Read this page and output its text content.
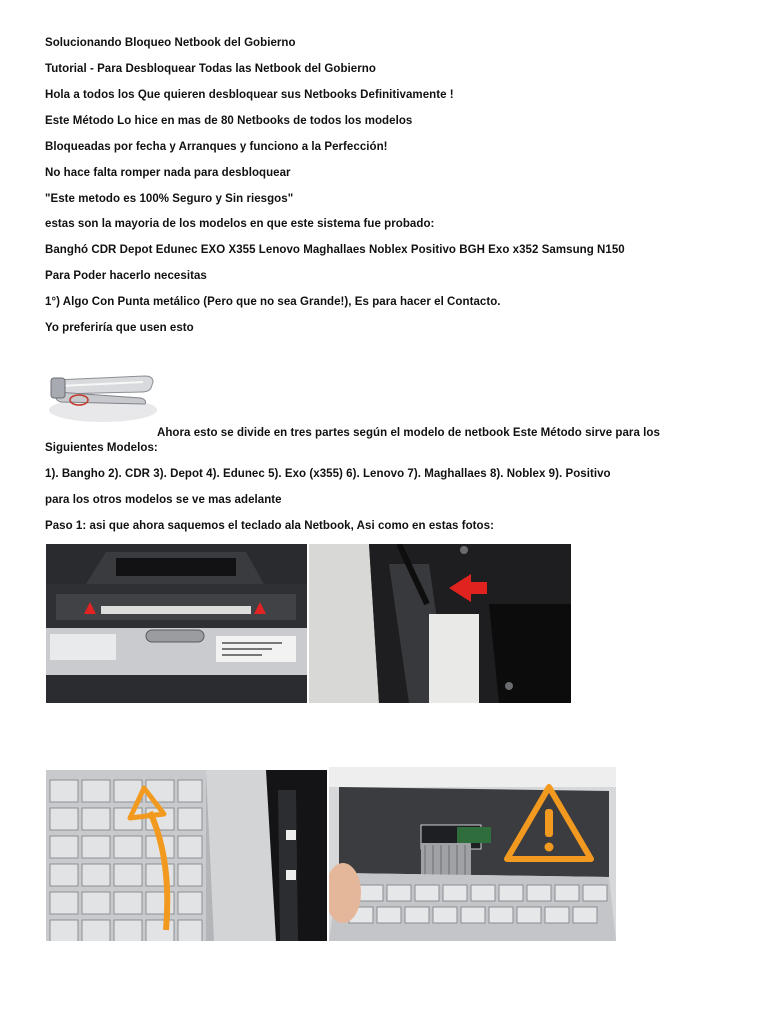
Solucionando Bloqueo Netbook del Gobierno
Tutorial - Para Desbloquear Todas las Netbook del Gobierno
Hola a todos los Que quieren desbloquear sus Netbooks Definitivamente !
Este Método Lo hice en mas de 80 Netbooks de todos los modelos
Bloqueadas por fecha y Arranques y funciono a la Perfección!
No hace falta romper nada para desbloquear
"Este metodo es 100% Seguro y Sin riesgos"
estas son la mayoria de los modelos en que este sistema fue probado:
Banghó CDR Depot Edunec EXO X355 Lenovo Maghallaes Noblex Positivo BGH Exo x352 Samsung N150
Para Poder hacerlo necesitas
1°) Algo Con Punta metálico (Pero que no sea Grande!), Es para hacer el Contacto.
Yo preferiría que usen esto
Ahora esto se divide en tres partes según el modelo de netbook Este Método sirve para los
Siguientes Modelos:
1). Bangho 2). CDR 3). Depot 4). Edunec 5). Exo (x355) 6). Lenovo 7). Maghallaes 8). Noblex 9). Positivo
para los otros modelos se ve mas adelante
Paso 1: asi que ahora saquemos el teclado ala Netbook, Asi como en estas fotos:
